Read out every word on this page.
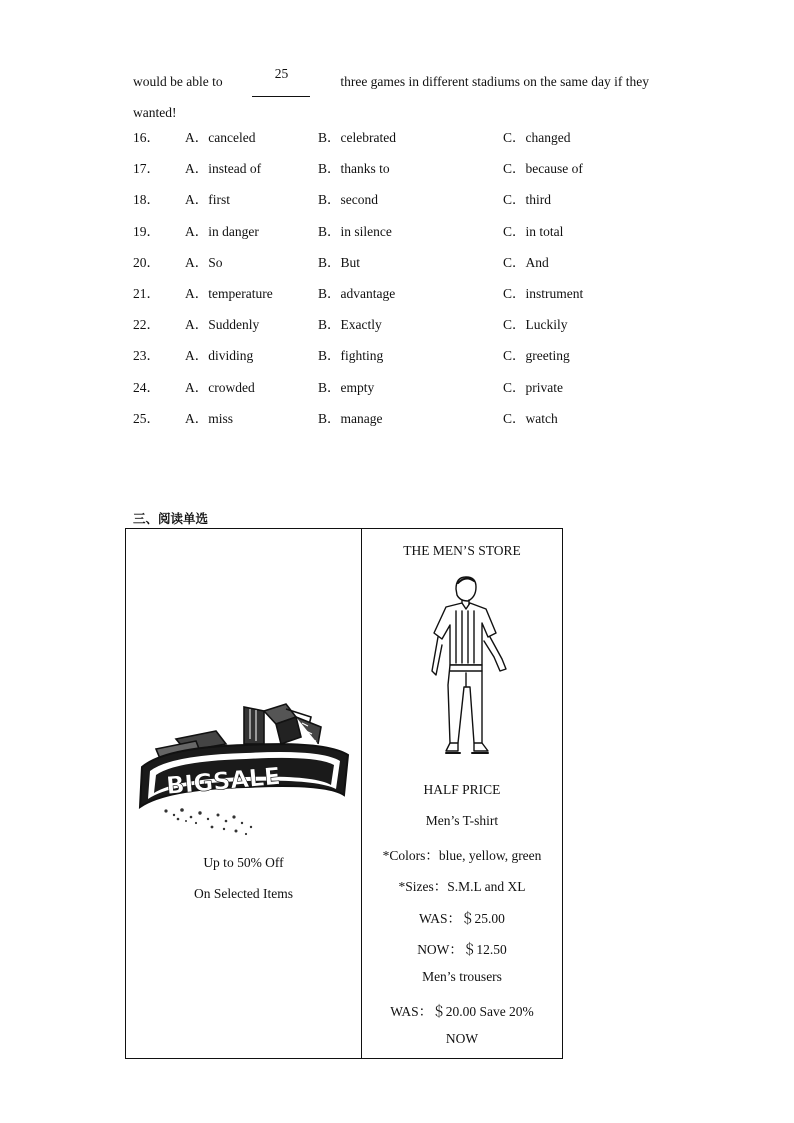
would be able to
25
three games in different stadiums on the same day if they
wanted!
16． A．canceled	B．celebrated	C．changed
17． A．instead of	B．thanks to	C．because of
18． A．first	B．second	C．third
19． A．in danger	B．in silence	C．in total
20． A．So	B．But	C．And
21． A．temperature	B．advantage	C．instrument
22． A．Suddenly	B．Exactly	C．Luckily
23． A．dividing	B．fighting	C．greeting
24． A．crowded	B．empty	C．private
25． A．miss	B．manage	C．watch
三、阅读单选
BIGSALE
Up to 50% Off
On Selected Items
THE MEN’S STORE
HALF PRICE
Men’s T-shirt
*Colors：blue, yellow, green
*Sizes：S.M.L and XL
WAS：＄25.00
NOW：＄12.50
Men’s trousers
WAS：＄20.00 Save 20%
NOW
